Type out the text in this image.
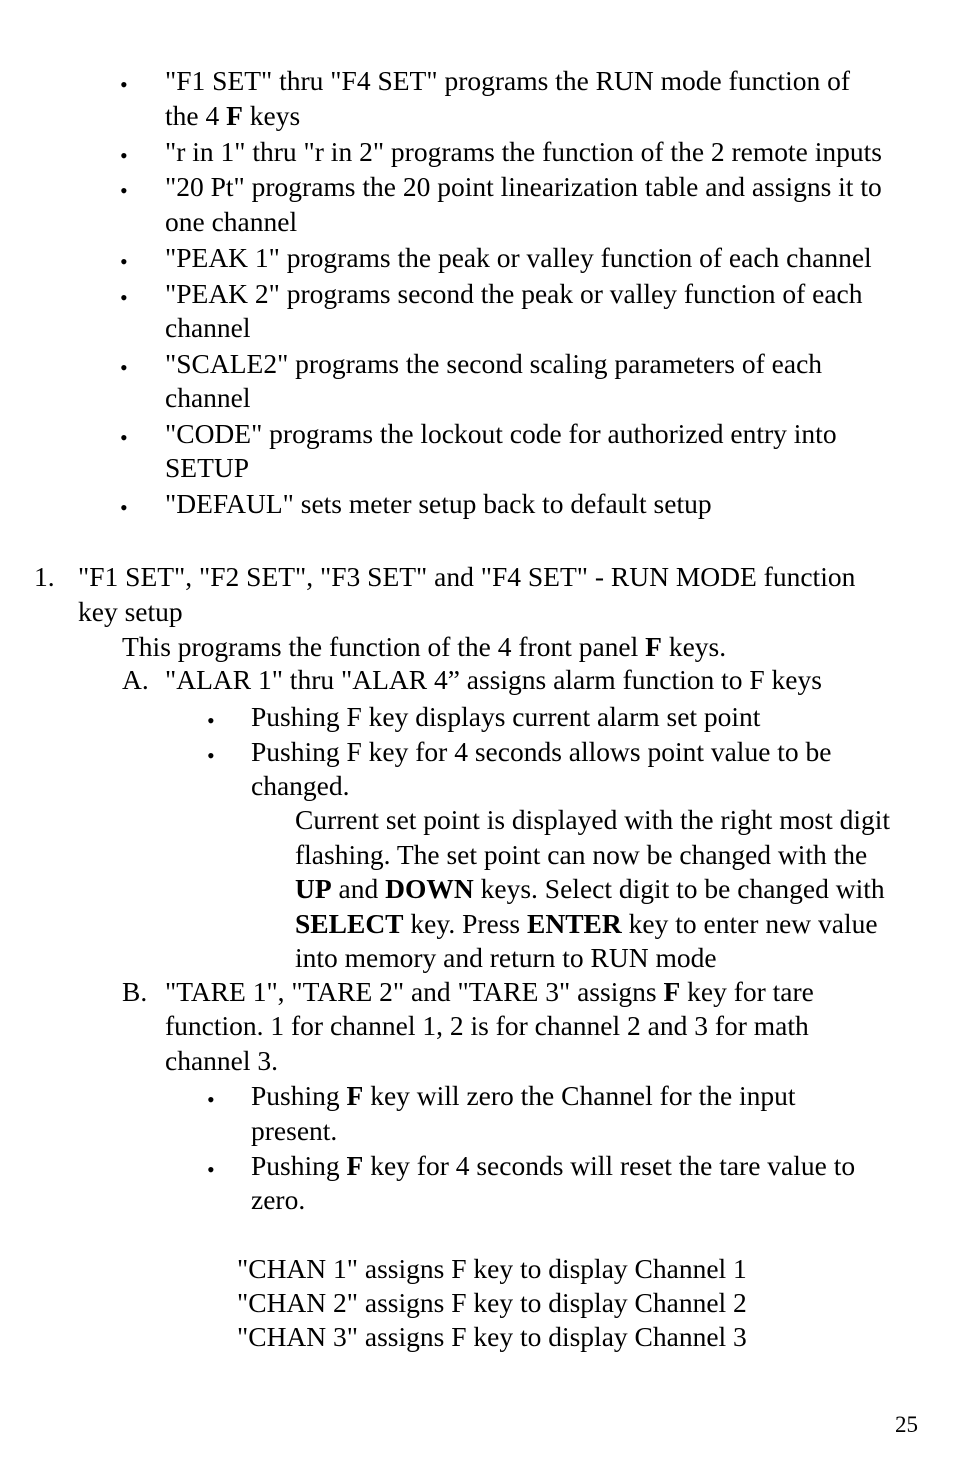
• "F1 SET" thru "F4 SET" programs the RUN mode function of
the 4 F keys
• "r in 1" thru "r in 2" programs the function of the 2 remote inputs
• "20 Pt" programs the 20 point linearization table and assigns it to
one channel
• "PEAK 1" programs the peak or valley function of each channel
• "PEAK 2" programs second the peak or valley function of each
channel
• "SCALE2" programs the second scaling parameters of each
channel
• "CODE" programs the lockout code for authorized entry into
SETUP
• "DEFAUL" sets meter setup back to default setup
1. "F1 SET", "F2 SET", "F3 SET" and "F4 SET" - RUN MODE function
key setup
This programs the function of the 4 front panel F keys.
A. "ALAR 1" thru "ALAR 4” assigns alarm function to F keys
• Pushing F key displays current alarm set point
• Pushing F key for 4 seconds allows point value to be
changed.
Current set point is displayed with the right most digit
flashing. The set point can now be changed with the
UP and DOWN keys. Select digit to be changed with
SELECT key. Press ENTER key to enter new value
into memory and return to RUN mode
B. "TARE 1", "TARE 2" and "TARE 3" assigns F key for tare
function. 1 for channel 1, 2 is for channel 2 and 3 for math
channel 3.
• Pushing F key will zero the Channel for the input
present.
• Pushing F key for 4 seconds will reset the tare value to
zero.
"CHAN 1" assigns F key to display Channel 1
"CHAN 2" assigns F key to display Channel 2
"CHAN 3" assigns F key to display Channel 3
25
